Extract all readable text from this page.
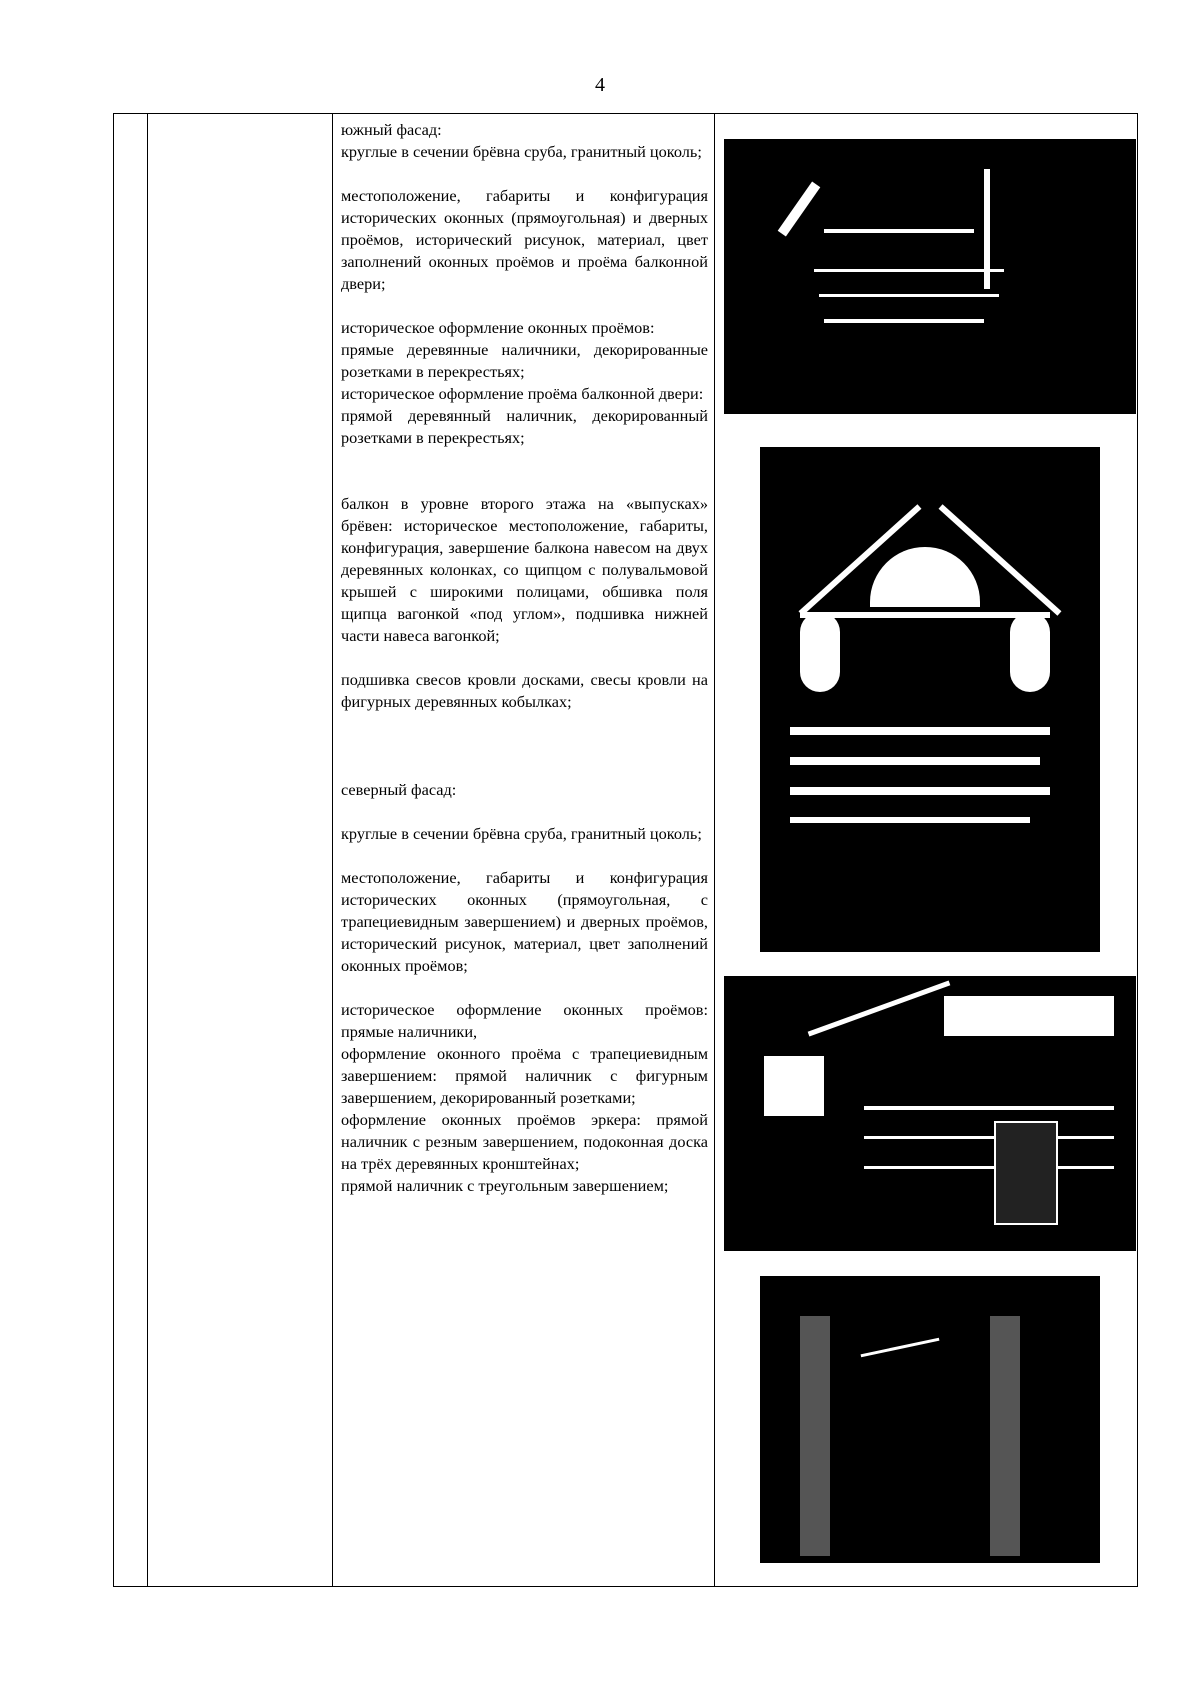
4

южный фасад:

круглые в сечении брёвна сруба, гранитный цоколь;

местоположение, габариты и конфигурация исторических оконных (прямоугольная) и дверных проёмов, исторический рисунок, материал, цвет заполнений оконных проёмов и проёма балконной двери;

историческое оформление оконных проёмов:

прямые деревянные наличники, декорированные розетками в перекрестьях;

историческое оформление проёма балконной двери:

прямой деревянный наличник, декорированный розетками в перекрестьях;

балкон в уровне второго этажа на «выпусках» брёвен: историческое местоположение, габариты, конфигурация, завершение балкона навесом на двух деревянных колонках, со щипцом с полувальмовой крышей с широкими полицами, обшивка поля щипца вагонкой «под углом», подшивка нижней части навеса вагонкой;

подшивка свесов кровли досками, свесы кровли на фигурных деревянных кобылках;

северный фасад:

круглые в сечении брёвна сруба, гранитный цоколь;

местоположение, габариты и конфигурация исторических оконных (прямоугольная, с трапециевидным завершением) и дверных проёмов, исторический рисунок, материал, цвет заполнений оконных проёмов;

историческое оформление оконных проёмов: прямые наличники,

оформление оконного проёма с трапециевидным завершением: прямой наличник с фигурным завершением, декорированный розетками;

оформление оконных проёмов эркера: прямой наличник с резным завершением, подоконная доска на трёх деревянных кронштейнах;

прямой наличник с треугольным завершением;
